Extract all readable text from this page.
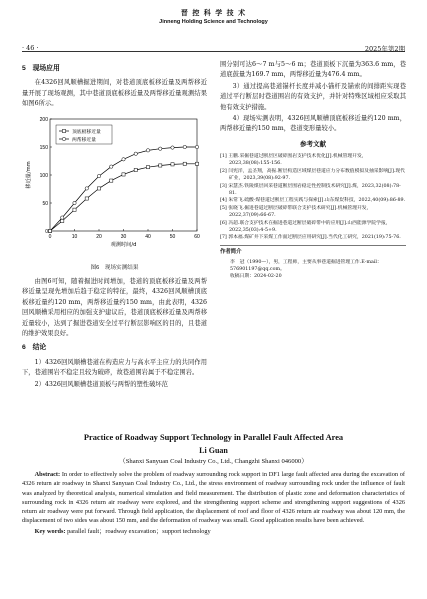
晋 控 科 学 技 术
Jinneng Holding Science and Technology
· 46 ·	2025年第2期
5　现场应用

在4326回风顺槽掘进期间，对巷道顶底板移近量及两帮移近量开展了现场观测，其中巷道顶底板移近量及两帮移近量观测结果如图6所示。

0
50
100
150
200
0	10	20	30	40	50	60
观测时间/d
移近量/mm
顶底板移近量
两帮移近量
图6　现场实测结果

由图6可知，随着掘进时间增加，巷道的顶底板移近量及两帮移近量呈现先增加后趋于稳定的特征，最终，4326回风顺槽顶底板移近量约120 mm，两帮移近量约150 mm，由此表明，4326回风顺槽采用相应的加强支护建议后，巷道顶底板移近量及两帮移近量较小，达到了掘进巷道安全过平行断层影响区的目的，且巷道的维护效果良好。

6　结论

1）4326回风顺槽巷道在构造应力与高水平主应力的共同作用下，巷道围岩不稳定且较为破碎，故巷道围岩属于不稳定围岩。

2）4326回风顺槽巷道顶板与两帮的塑性破坏范

围分别可达6～7 m与5～6 m；巷道顶板下沉量为363.6 mm，巷道底鼓量为169.7 mm，两帮移近量为476.4 mm。

3）通过提高巷道锚杆长度并减小锚杆及锚索的间排距实现巷道过平行断层时巷道围岩的有效支护，并针对特殊区域相应采取其他有效支护措施。

4）现场实测表明，4326回风顺槽顶底板移近量约120 mm，两帮移近量约150 mm，巷道变形量较小。

参考文献
[1] 王鹏.采掘巷道过断层区破碎围岩支护技术优化[J].机械管理开发，2023,38(08):155-156.
[2] 闫宪洋，孟圣翔，高振.断层构造区域煤层巷道应力分布数值模拟及抽采影响[J].现代矿业，2023,39(08):92-97.
[3] 宋慧杰.铁陵煤层回采巷道断层围岩稳定性控制技术研究[J].煤，2023,32(08):78-81.
[4] 朱常飞.硫酸·煤巷道过断层工程实践与探索[J].山东煤炭科技，2022,40(09):86-89.
[5] 张晓飞.掘进巷道过断层破碎带联合支护技术研究[J].机械管理开发，2022,37(09):66-67.
[6] 冯超.联合支护技术在掘进巷道过断层破碎带中的应用[J].山西能源学院学报，2022,35(03):4-5+9.
[7] 郭本福.煤矿井下采煤工作面过断层应用研究[J].当代化工研究，2021(19):75-76.
作者简介
李　冠（1990—），男，工程师，主要从事巷道掘进管理工作.E-mail：576901197@qq.com。
收稿日期：2024-02-20
Practice of Roadway Support Technology in Parallel Fault Affected Area
Li Guan
（Shanxi Sanyuan Coal Industry Co., Ltd., Changzhi Shanxi 046000）

Abstract: In order to effectively solve the problem of roadway surrounding rock support in DF1 large fault affected area during the excavation of 4326 return air roadway in Shanxi Sanyuan Coal Industry Co., Ltd., the stress environment of roadway surrounding rock under the influence of fault was analyzed by theoretical analysis, numerical simulation and field measurement. The distribution of plastic zone and deformation characteristics of surrounding rock in 4326 return air roadway were explored, and the strengthening support scheme and strengthening support suggestions of 4326 return air roadway were put forward. Through field application, the displacement of roof and floor of 4326 return air roadway was about 120 mm, the displacement of two sides was about 150 mm, and the deformation of roadway was small. Good application results have been achieved.

Key words: parallel fault；roadway excavation；support technology
